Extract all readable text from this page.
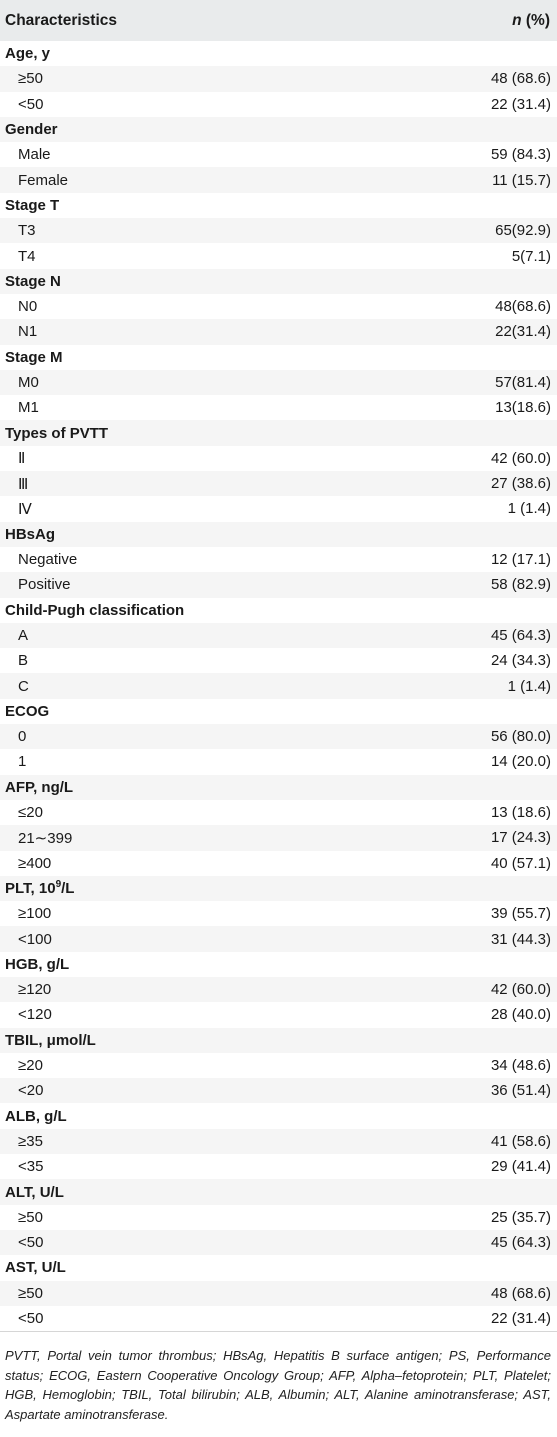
Characteristics	n (%)
Age, y
≥50	48 (68.6)
<50	22 (31.4)
Gender
Male	59 (84.3)
Female	11 (15.7)
Stage T
T3	65(92.9)
T4	5(7.1)
Stage N
N0	48(68.6)
N1	22(31.4)
Stage M
M0	57(81.4)
M1	13(18.6)
Types of PVTT
Ⅱ	42 (60.0)
Ⅲ	27 (38.6)
Ⅳ	1 (1.4)
HBsAg
Negative	12 (17.1)
Positive	58 (82.9)
Child-Pugh classification
A	45 (64.3)
B	24 (34.3)
C	1 (1.4)
ECOG
0	56 (80.0)
1	14 (20.0)
AFP, ng/L
≤20	13 (18.6)
21∼399	17 (24.3)
≥400	40 (57.1)
PLT, $10^9/L$
≥100	39 (55.7)
<100	31 (44.3)
HGB, g/L
≥120	42 (60.0)
<120	28 (40.0)
TBIL, μmol/L
≥20	34 (48.6)
<20	36 (51.4)
ALB, g/L
≥35	41 (58.6)
<35	29 (41.4)
ALT, U/L
≥50	25 (35.7)
<50	45 (64.3)
AST, U/L
≥50	48 (68.6)
<50	22 (31.4)
PVTT, Portal vein tumor thrombus; HBsAg, Hepatitis B surface antigen; PS, Performance status; ECOG, Eastern Cooperative Oncology Group; AFP, Alpha–fetoprotein; PLT, Platelet; HGB, Hemoglobin; TBIL, Total bilirubin; ALB, Albumin; ALT, Alanine aminotransferase; AST, Aspartate aminotransferase.
